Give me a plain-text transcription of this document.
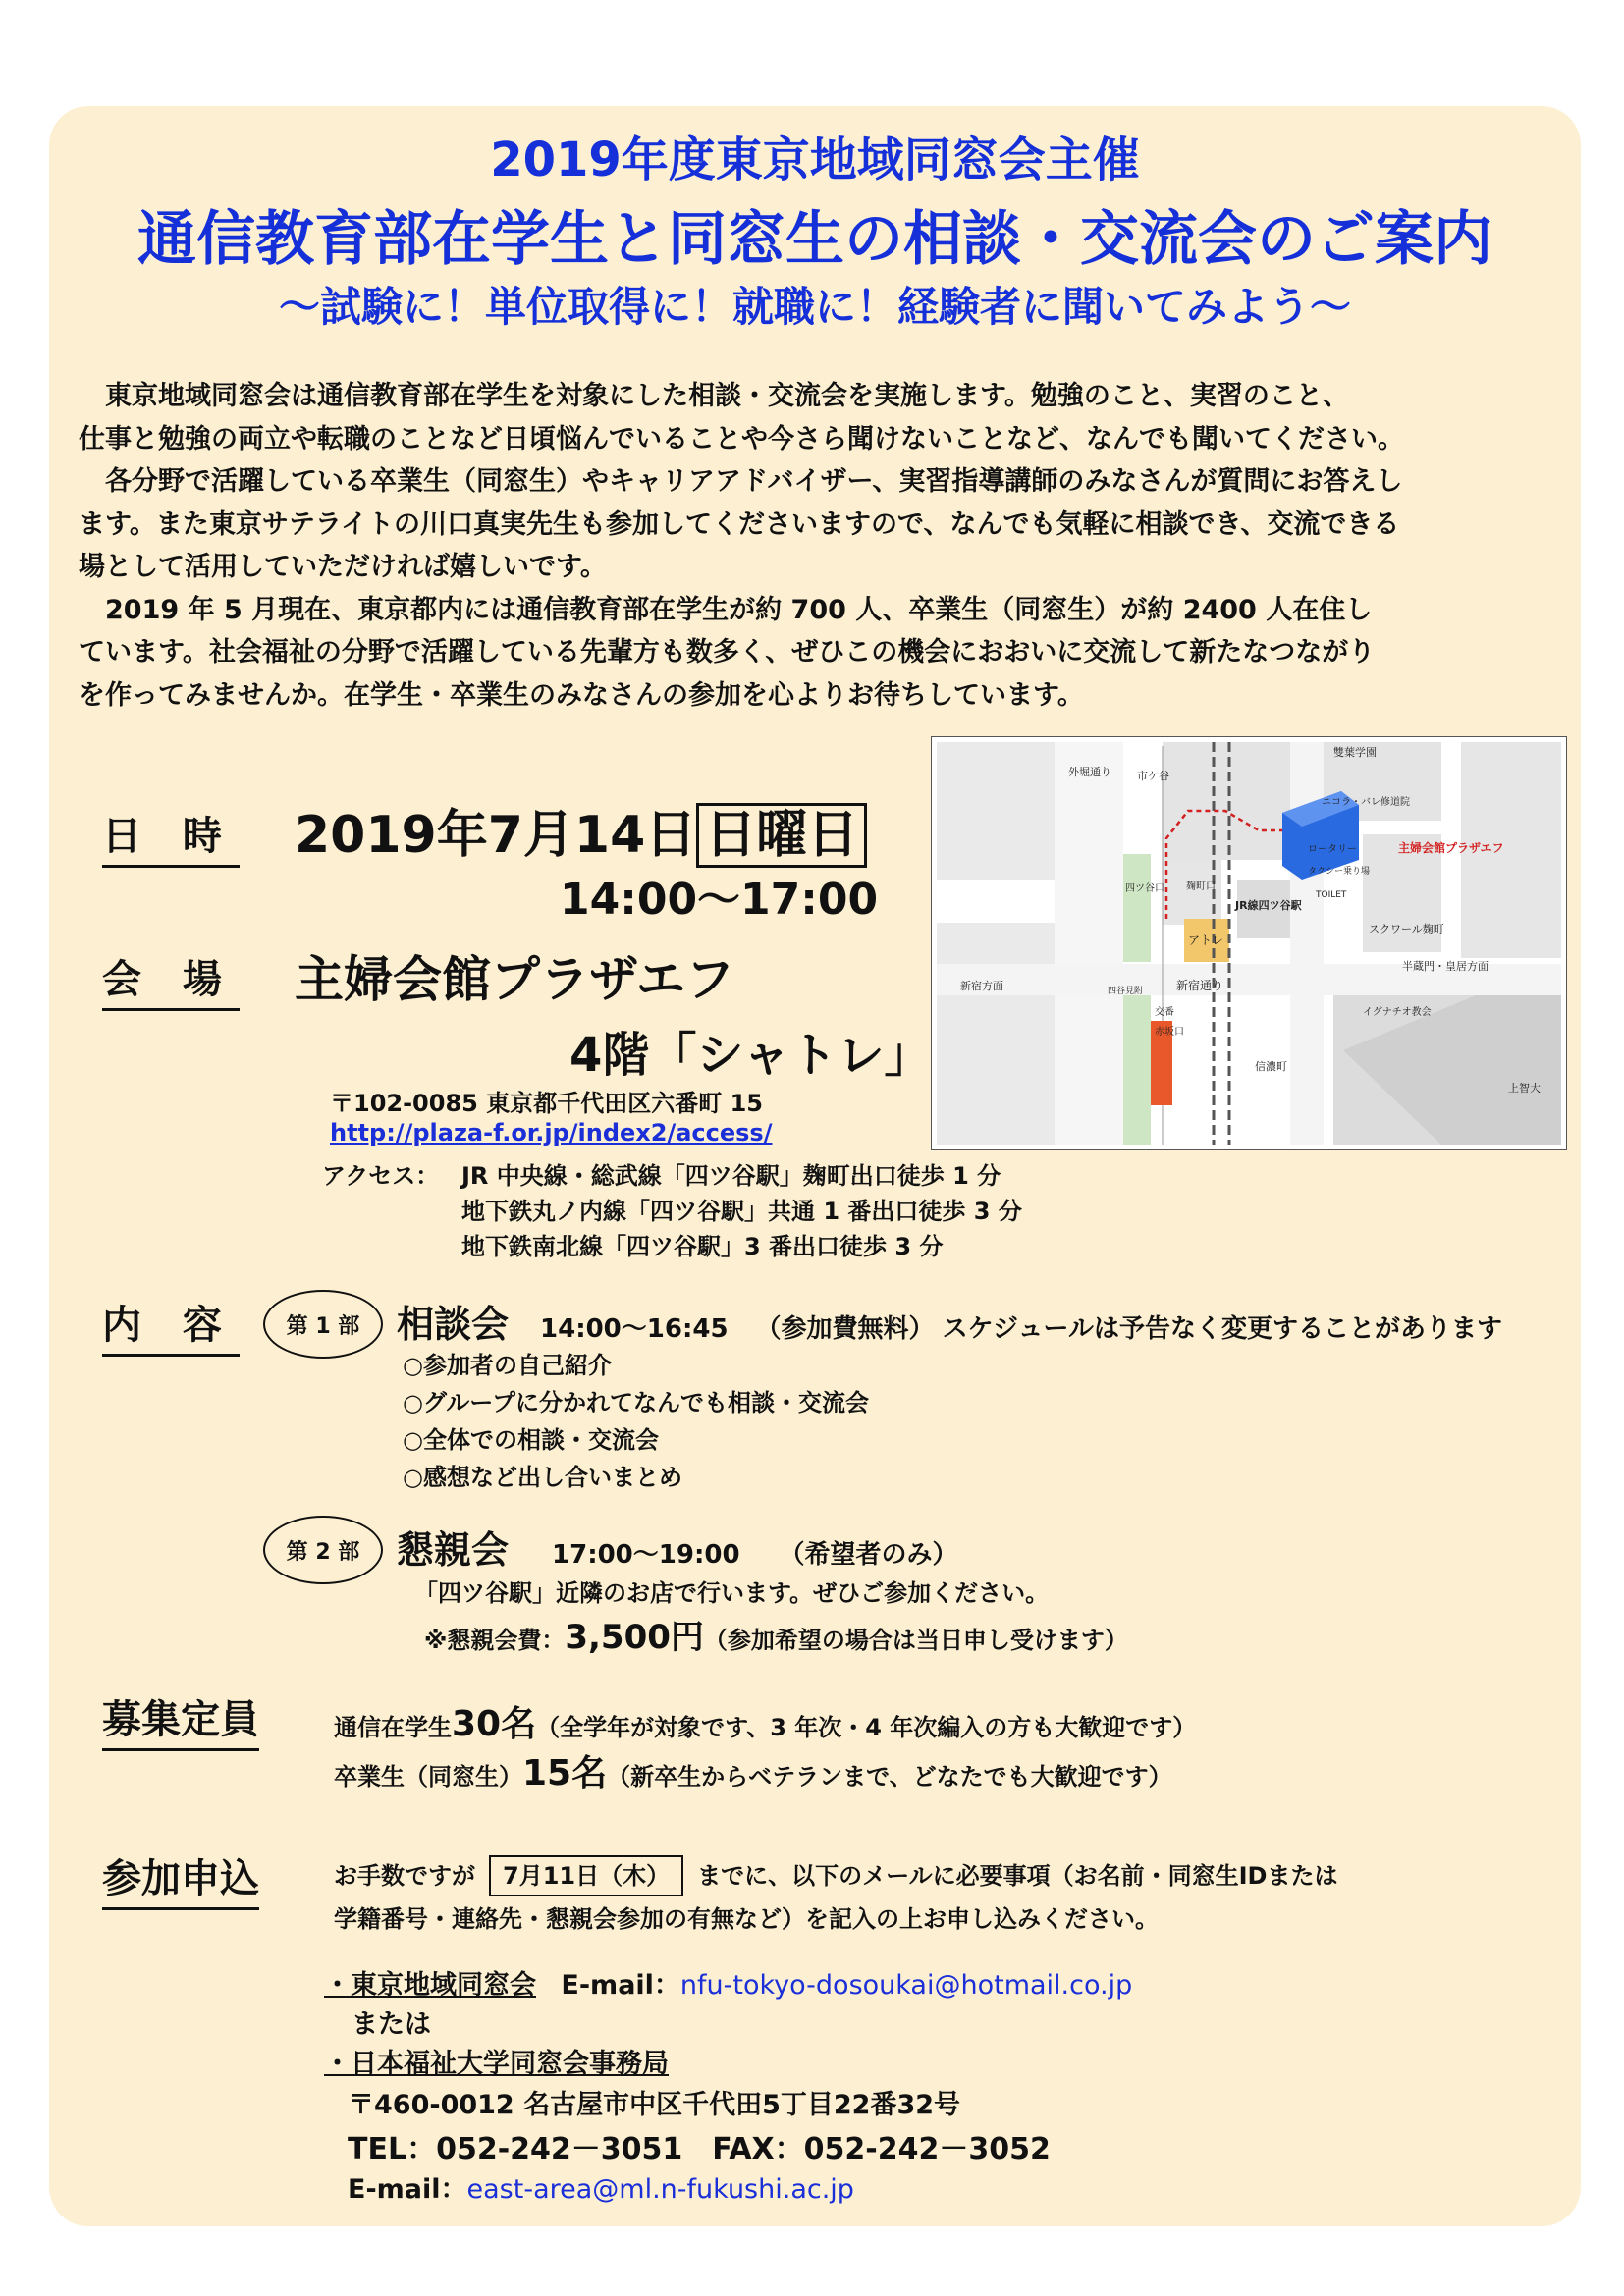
2019年度東京地域同窓会主催
通信教育部在学生と同窓生の相談・交流会のご案内
～試験に！単位取得に！就職に！経験者に聞いてみよう～

　東京地域同窓会は通信教育部在学生を対象にした相談・交流会を実施します。勉強のこと、実習のこと、

仕事と勉強の両立や転職のことなど日頃悩んでいることや今さら聞けないことなど、なんでも聞いてください。

　各分野で活躍している卒業生（同窓生）やキャリアアドバイザー、実習指導講師のみなさんが質問にお答えし

ます。また東京サテライトの川口真実先生も参加してくださいますので、なんでも気軽に相談でき、交流できる

場として活用していただければ嬉しいです。

　2019 年 5 月現在、東京都内には通信教育部在学生が約 700 人、卒業生（同窓生）が約 2400 人在住し

ています。社会福祉の分野で活躍している先輩方も数多く、ぜひこの機会におおいに交流して新たなつながり

を作ってみませんか。在学生・卒業生のみなさんの参加を心よりお待ちしています。

日 時 2019年7月14日 日曜日
14:00～17:00
会 場 主婦会館プラザエフ
4階「シャトレ」
〒102-0085 東京都千代田区六番町 15
http://plaza-f.or.jp/index2/access/
アクセス： JR 中央線・総武線「四ツ谷駅」麹町出口徒歩 1 分
地下鉄丸ノ内線「四ツ谷駅」共通 1 番出口徒歩 3 分
地下鉄南北線「四ツ谷駅」3 番出口徒歩 3 分
市ケ谷
雙葉学園
ニコラ・バレ修道院
外堀通り
ロータリー
タクシー乗り場
TOILET
主婦会館プラザエフ
四ツ谷口 麹町口
アトレ
JR線四ツ谷駅
スクワール麹町
新宿通り
新宿方面
半蔵門・皇居方面
四谷見附
交番
赤坂口
イグナチオ教会
上智大
信濃町
内 容	第 1 部 相談会 14:00～16:45 （参加費無料） スケジュールは予告なく変更することがあります
○参加者の自己紹介
○グループに分かれてなんでも相談・交流会
○全体での相談・交流会
○感想など出し合いまとめ
第 2 部 懇親会 17:00～19:00 （希望者のみ）
「四ツ谷駅」近隣のお店で行います。ぜひご参加ください。
※懇親会費： 3,500円 （参加希望の場合は当日申し受けます）
募集定員	通信在学生 30名 （全学年が対象です、3 年次・4 年次編入の方も大歓迎です）
卒業生（同窓生） 15名 （新卒生からベテランまで、どなたでも大歓迎です）
参加申込	お手数ですが	7月11日（木）	までに、以下のメールに必要事項（お名前・同窓生IDまたは
学籍番号・連絡先・懇親会参加の有無など）を記入の上お申し込みください。
・東京地域同窓会 E-mail：nfu-tokyo-dosoukai@hotmail.co.jp
または
・日本福祉大学同窓会事務局
〒460-0012 名古屋市中区千代田5丁目22番32号
TEL：052-242－3051　FAX：052-242－3052
E-mail：east-area@ml.n-fukushi.ac.jp
